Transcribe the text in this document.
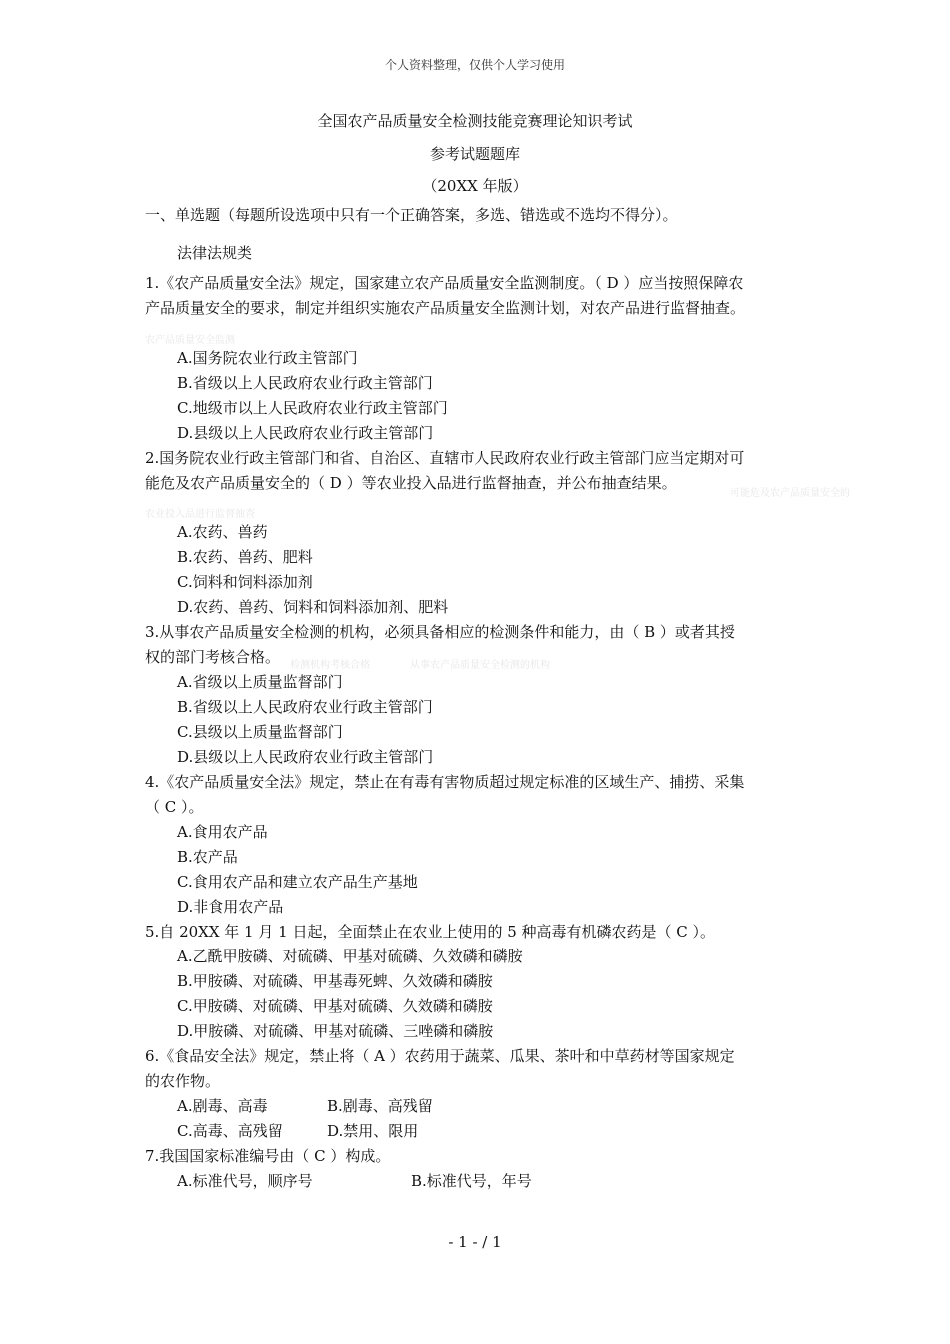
个人资料整理，仅供个人学习使用
全国农产品质量安全检测技能竞赛理论知识考试
参考试题题库
（20XX 年版）
一、单选题（每题所设选项中只有一个正确答案，多选、错选或不选均不得分）。
法律法规类
1.《农产品质量安全法》规定，国家建立农产品质量安全监测制度。（ D ）应当按照保障农
产品质量安全的要求，制定并组织实施农产品质量安全监测计划，对农产品进行监督抽查。
农产品质量安全监测
A.国务院农业行政主管部门
B.省级以上人民政府农业行政主管部门
C.地级市以上人民政府农业行政主管部门
D.县级以上人民政府农业行政主管部门
2.国务院农业行政主管部门和省、自治区、直辖市人民政府农业行政主管部门应当定期对可
能危及农产品质量安全的（ D ）等农业投入品进行监督抽查，并公布抽查结果。
可能危及农产品质量安全的
农业投入品进行监督抽查
A.农药、兽药
B.农药、兽药、肥料
C.饲料和饲料添加剂
D.农药、兽药、饲料和饲料添加剂、肥料
3.从事农产品质量安全检测的机构，必须具备相应的检测条件和能力，由（ B ）或者其授
权的部门考核合格。 检测机构考核合格	从事农产品质量安全检测的机构
A.省级以上质量监督部门
B.省级以上人民政府农业行政主管部门
C.县级以上质量监督部门
D.县级以上人民政府农业行政主管部门
4.《农产品质量安全法》规定，禁止在有毒有害物质超过规定标准的区域生产、捕捞、采集
（ C ）。
A.食用农产品
B.农产品
C.食用农产品和建立农产品生产基地
D.非食用农产品
5.自 20XX 年 1 月 1 日起，全面禁止在农业上使用的 5 种高毒有机磷农药是（ C ）。
A.乙酰甲胺磷、对硫磷、甲基对硫磷、久效磷和磷胺
B.甲胺磷、对硫磷、甲基毒死蜱、久效磷和磷胺
C.甲胺磷、对硫磷、甲基对硫磷、久效磷和磷胺
D.甲胺磷、对硫磷、甲基对硫磷、三唑磷和磷胺
6.《食品安全法》规定，禁止将（ A ）农药用于蔬菜、瓜果、茶叶和中草药材等国家规定
的农作物。
A.剧毒、高毒	B.剧毒、高残留
C.高毒、高残留	D.禁用、限用
7.我国国家标准编号由（ C ）构成。
A.标准代号，顺序号	B.标准代号，年号
- 1 - / 1
